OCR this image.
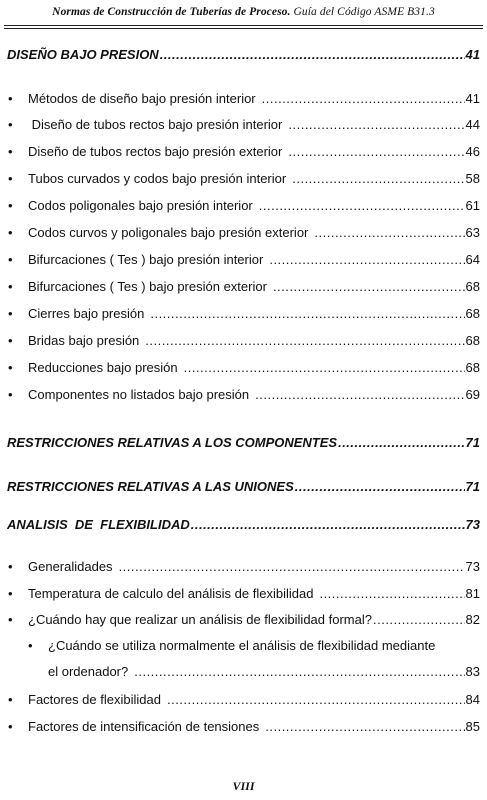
Normas de Construcción de Tuberías de Proceso. Guía del Código ASME B31.3
DISEÑO BAJO PRESION .....	41
• Métodos de diseño bajo presión interior .....	41
• Diseño de tubos rectos bajo presión interior .....	44
• Diseño de tubos rectos bajo presión exterior .....	46
• Tubos curvados y codos bajo presión interior .....	58
• Codos poligonales bajo presión interior .....	61
• Codos curvos y poligonales bajo presión exterior .....	63
• Bifurcaciones ( Tes ) bajo presión interior .....	64
• Bifurcaciones ( Tes ) bajo presión exterior .....	68
• Cierres bajo presión .....	68
• Bridas bajo presión .....	68
• Reducciones bajo presión .....	68
• Componentes no listados bajo presión .....	69
RESTRICCIONES RELATIVAS A LOS COMPONENTES .....	71
RESTRICCIONES RELATIVAS A LAS UNIONES .....	71
ANALISIS  DE  FLEXIBILIDAD .....	73
• Generalidades .....	73
• Temperatura de calculo del análisis de flexibilidad .....	81
• ¿Cuándo hay que realizar un análisis de flexibilidad formal? .....	82
• ¿Cuándo se utiliza normalmente el análisis de flexibilidad mediante
el ordenador? .....	83
• Factores de flexibilidad .....	84
• Factores de intensificación de tensiones .....	85
VIII
